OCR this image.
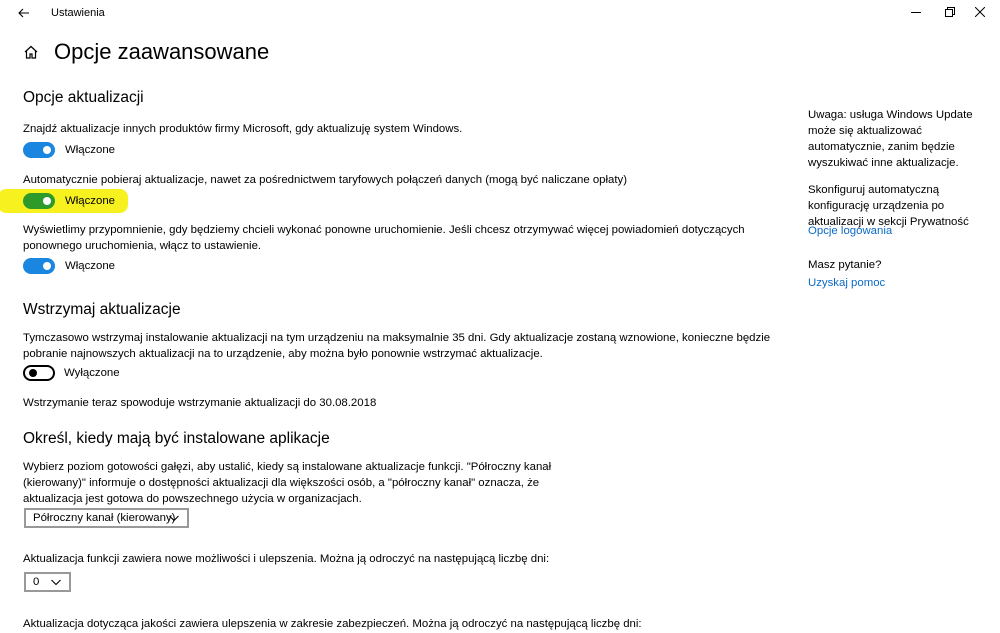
Ustawienia
Opcje zaawansowane
Opcje aktualizacji
Znajdź aktualizacje innych produktów firmy Microsoft, gdy aktualizuję system Windows.
Włączone
Automatycznie pobieraj aktualizacje, nawet za pośrednictwem taryfowych połączeń danych (mogą być naliczane opłaty)
Włączone
Wyświetlimy przypomnienie, gdy będziemy chcieli wykonać ponowne uruchomienie. Jeśli chcesz otrzymywać więcej powiadomień dotyczących ponownego uruchomienia, włącz to ustawienie.
Włączone
Wstrzymaj aktualizacje
Tymczasowo wstrzymaj instalowanie aktualizacji na tym urządzeniu na maksymalnie 35 dni. Gdy aktualizacje zostaną wznowione, konieczne będzie pobranie najnowszych aktualizacji na to urządzenie, aby można było ponownie wstrzymać aktualizacje.
Wyłączone
Wstrzymanie teraz spowoduje wstrzymanie aktualizacji do 30.08.2018
Określ, kiedy mają być instalowane aplikacje
Wybierz poziom gotowości gałęzi, aby ustalić, kiedy są instalowane aktualizacje funkcji. "Półroczny kanał (kierowany)" informuje o dostępności aktualizacji dla większości osób, a "półroczny kanał" oznacza, że aktualizacja jest gotowa do powszechnego użycia w organizacjach.
Półroczny kanał (kierowany)
Aktualizacja funkcji zawiera nowe możliwości i ulepszenia. Można ją odroczyć na następującą liczbę dni:
0
Aktualizacja dotycząca jakości zawiera ulepszenia w zakresie zabezpieczeń. Można ją odroczyć na następującą liczbę dni:
Uwaga: usługa Windows Update może się aktualizować automatycznie, zanim będzie wyszukiwać inne aktualizacje.
Skonfiguruj automatyczną konfigurację urządzenia po aktualizacji w sekcji Prywatność
Opcje logowania
Masz pytanie?
Uzyskaj pomoc
